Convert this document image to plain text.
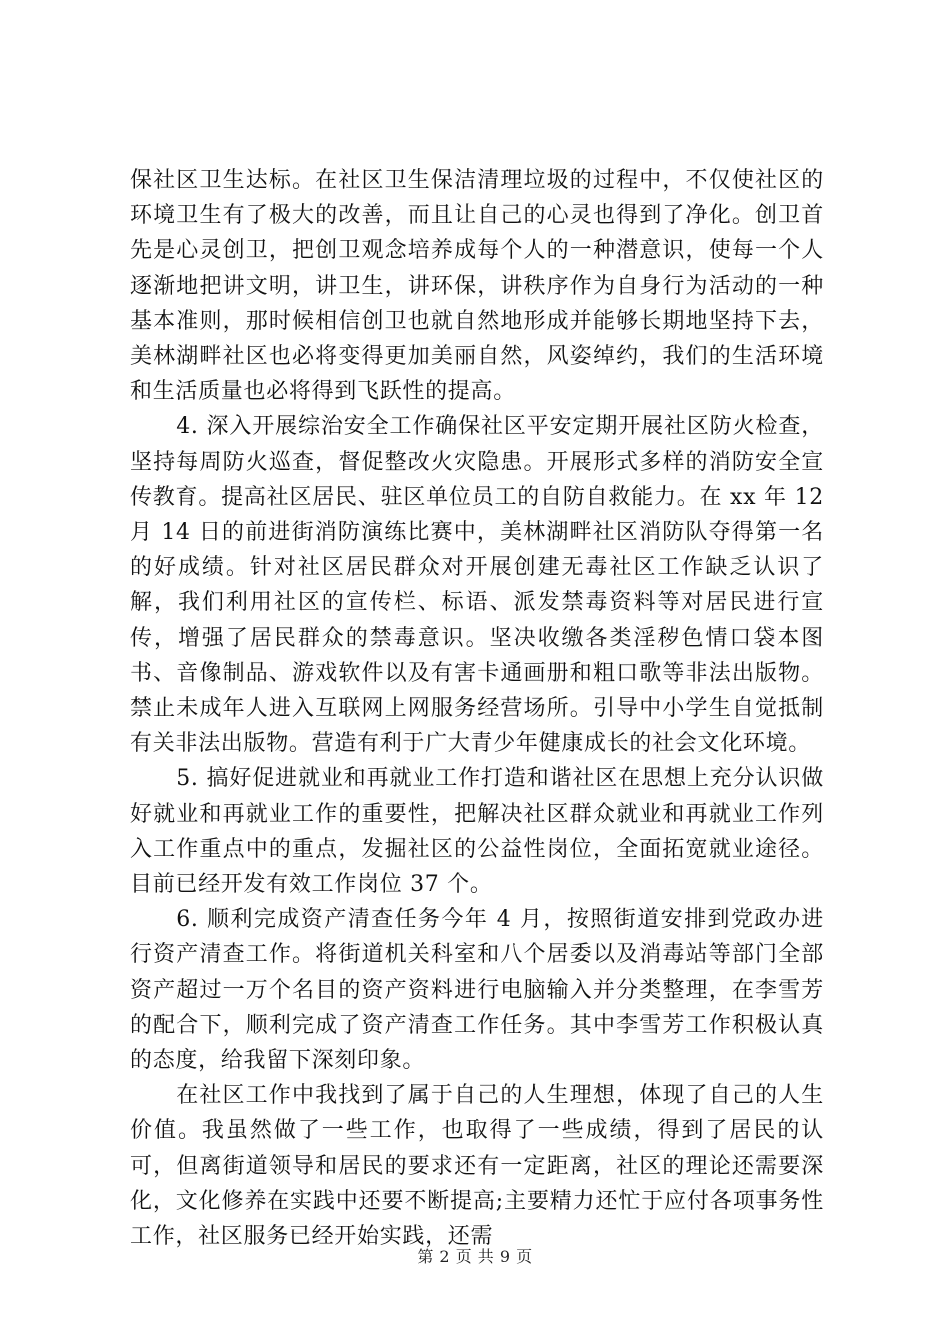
保社区卫生达标。在社区卫生保洁清理垃圾的过程中，不仅使社区的环境卫生有了极大的改善，而且让自己的心灵也得到了净化。创卫首先是心灵创卫，把创卫观念培养成每个人的一种潜意识，使每一个人逐渐地把讲文明，讲卫生，讲环保，讲秩序作为自身行为活动的一种基本准则，那时候相信创卫也就自然地形成并能够长期地坚持下去，美林湖畔社区也必将变得更加美丽自然，风姿绰约，我们的生活环境和生活质量也必将得到飞跃性的提高。

4. 深入开展综治安全工作确保社区平安定期开展社区防火检查，坚持每周防火巡查，督促整改火灾隐患。开展形式多样的消防安全宣传教育。提高社区居民、驻区单位员工的自防自救能力。在 xx 年 12 月 14 日的前进街消防演练比赛中，美林湖畔社区消防队夺得第一名的好成绩。针对社区居民群众对开展创建无毒社区工作缺乏认识了解，我们利用社区的宣传栏、标语、派发禁毒资料等对居民进行宣传，增强了居民群众的禁毒意识。坚决收缴各类淫秽色情口袋本图书、音像制品、游戏软件以及有害卡通画册和粗口歌等非法出版物。禁止未成年人进入互联网上网服务经营场所。引导中小学生自觉抵制有关非法出版物。营造有利于广大青少年健康成长的社会文化环境。

5. 搞好促进就业和再就业工作打造和谐社区在思想上充分认识做好就业和再就业工作的重要性，把解决社区群众就业和再就业工作列入工作重点中的重点，发掘社区的公益性岗位，全面拓宽就业途径。目前已经开发有效工作岗位 37 个。

6. 顺利完成资产清查任务今年 4 月，按照街道安排到党政办进行资产清查工作。将街道机关科室和八个居委以及消毒站等部门全部资产超过一万个名目的资产资料进行电脑输入并分类整理，在李雪芳的配合下，顺利完成了资产清查工作任务。其中李雪芳工作积极认真的态度，给我留下深刻印象。

在社区工作中我找到了属于自己的人生理想，体现了自己的人生价值。我虽然做了一些工作，也取得了一些成绩，得到了居民的认可，但离街道领导和居民的要求还有一定距离，社区的理论还需要深化，文化修养在实践中还要不断提高;主要精力还忙于应付各项事务性工作，社区服务已经开始实践，还需

第 2 页 共 9 页
